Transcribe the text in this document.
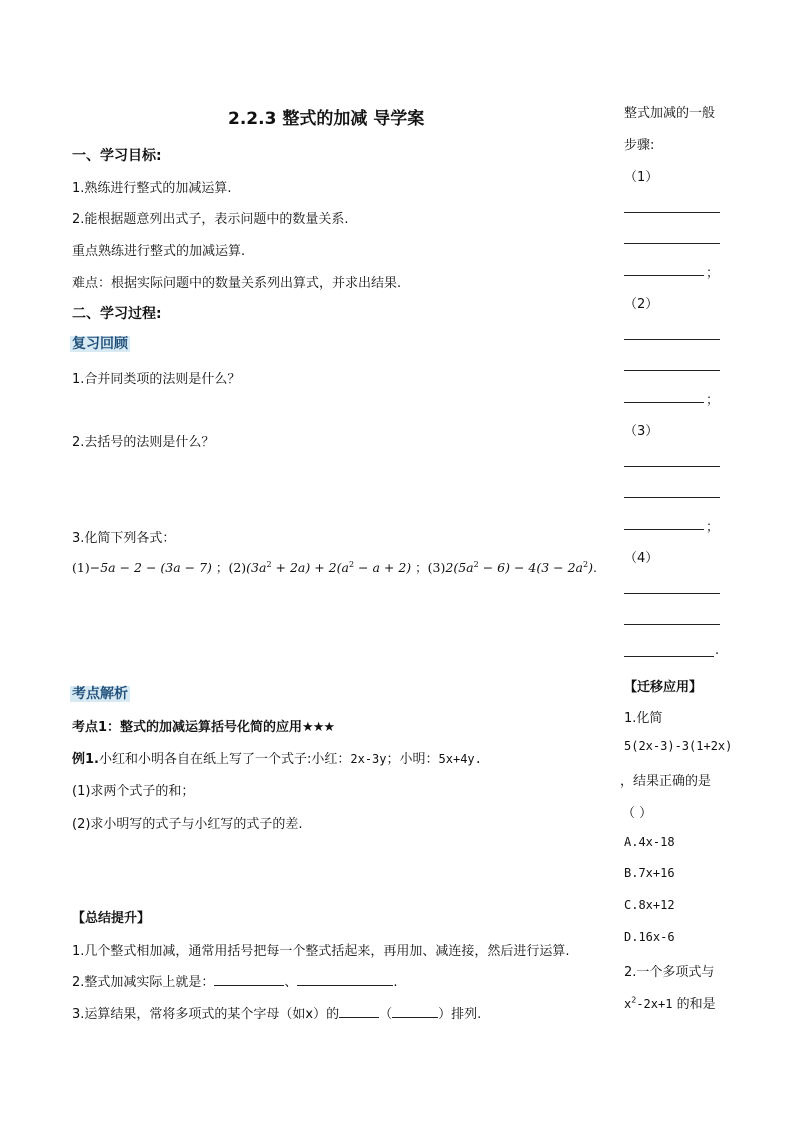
2.2.3 整式的加减 导学案
一、学习目标:
1.熟练进行整式的加减运算.
2.能根据题意列出式子，表示问题中的数量关系.
重点熟练进行整式的加减运算.
难点：根据实际问题中的数量关系列出算式，并求出结果.
二、学习过程:
复习回顾
1.合并同类项的法则是什么？
2.去括号的法则是什么？
3.化简下列各式：
(1)−5a − 2 − (3a − 7) ；$(2)(3a^2 + 2a) + 2(a^2 - a + 2)$ ；$(3)2(5a^2 - 6) - 4(3 - 2a^2)$.
考点解析
考点1：整式的加减运算括号化简的应用★★★
例1.小红和小明各自在纸上写了一个式子:小红：2x-3y；小明：5x+4y.
(1)求两个式子的和；
(2)求小明写的式子与小红写的式子的差.
【总结提升】
1.几个整式相加减，通常用括号把每一个整式括起来，再用加、减连接，然后进行运算.
2.整式加减实际上就是：	、	.
3.运算结果，常将多项式的某个字母（如x）的	（	）排列.
整式加减的一般
步骤:
（1）
；
（2）
；
（3）
；
（4）
.
【迁移应用】
1.化简
5(2x-3)-3(1+2x)
，结果正确的是
（ ）
A.4x-18
B.7x+16
C.8x+12
D.16x-6
2.一个多项式与
$x^2-2x+1$ 的和是
